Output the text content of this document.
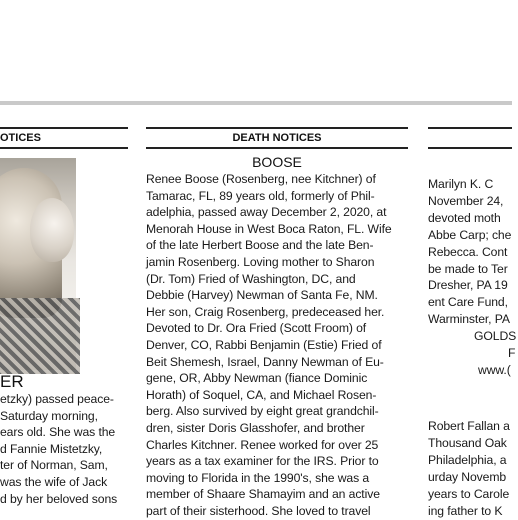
OTICES
ER
etzky) passed peace-
Saturday morning,
ears old. She was the
d Fannie Mistetzky,
ter of Norman, Sam,
was the wife of Jack
d by her beloved sons
DEATH NOTICES
BOOSE
Renee Boose (Rosenberg, nee Kitchner) of
Tamarac, FL, 89 years old, formerly of Phil-
adelphia, passed away December 2, 2020, at
Menorah House in West Boca Raton, FL. Wife
of the late Herbert Boose and the late Ben-
jamin Rosenberg. Loving mother to Sharon
(Dr. Tom) Fried of Washington, DC, and
Debbie (Harvey) Newman of Santa Fe, NM.
Her son, Craig Rosenberg, predeceased her.
Devoted to Dr. Ora Fried (Scott Froom) of
Denver, CO, Rabbi Benjamin (Estie) Fried of
Beit Shemesh, Israel, Danny Newman of Eu-
gene, OR, Abby Newman (fiance Dominic
Horath) of Soquel, CA, and Michael Rosen-
berg. Also survived by eight great grandchil-
dren, sister Doris Glasshofer, and brother
Charles Kitchner. Renee worked for over 25
years as a tax examiner for the IRS. Prior to
moving to Florida in the 1990's, she was a
member of Shaare Shamayim and an active
part of their sisterhood. She loved to travel
Marilyn K. C
November 24,
devoted moth
Abbe Carp; che
Rebecca. Cont
be made to Ter
Dresher, PA 19
ent Care Fund,
Warminster, PA
GOLDS
F
www.(
Robert Fallan a
Thousand Oak
Philadelphia, a
urday Novemb
years to Carole
ing father to K
